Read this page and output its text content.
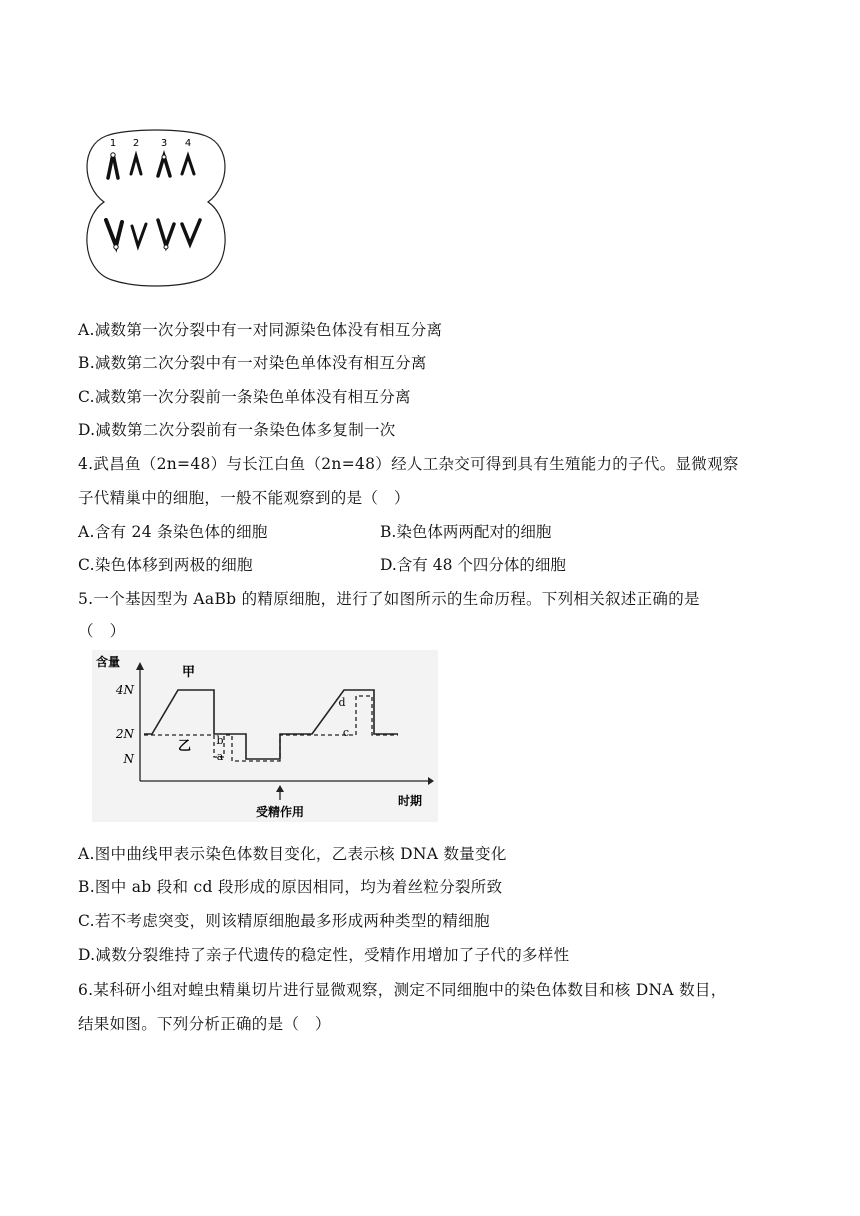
1 2 3 4
A.减数第一次分裂中有一对同源染色体没有相互分离
B.减数第二次分裂中有一对染色单体没有相互分离
C.减数第一次分裂前一条染色单体没有相互分离
D.减数第二次分裂前有一条染色体多复制一次
4.武昌鱼（2n=48）与长江白鱼（2n=48）经人工杂交可得到具有生殖能力的子代。显微观察
子代精巢中的细胞，一般不能观察到的是（　）
A.含有 24 条染色体的细胞	B.染色体两两配对的细胞
C.染色体移到两极的细胞	D.含有 48 个四分体的细胞
5.一个基因型为 AaBb 的精原细胞，进行了如图所示的生命历程。下列相关叙述正确的是
（　）
含量
时期
4N
2N
N
甲
乙
a
b
c
d
受精作用
A.图中曲线甲表示染色体数目变化，乙表示核 DNA 数量变化
B.图中 ab 段和 cd 段形成的原因相同，均为着丝粒分裂所致
C.若不考虑突变，则该精原细胞最多形成两种类型的精细胞
D.减数分裂维持了亲子代遗传的稳定性，受精作用增加了子代的多样性
6.某科研小组对蝗虫精巢切片进行显微观察，测定不同细胞中的染色体数目和核 DNA 数目，
结果如图。下列分析正确的是（　）
